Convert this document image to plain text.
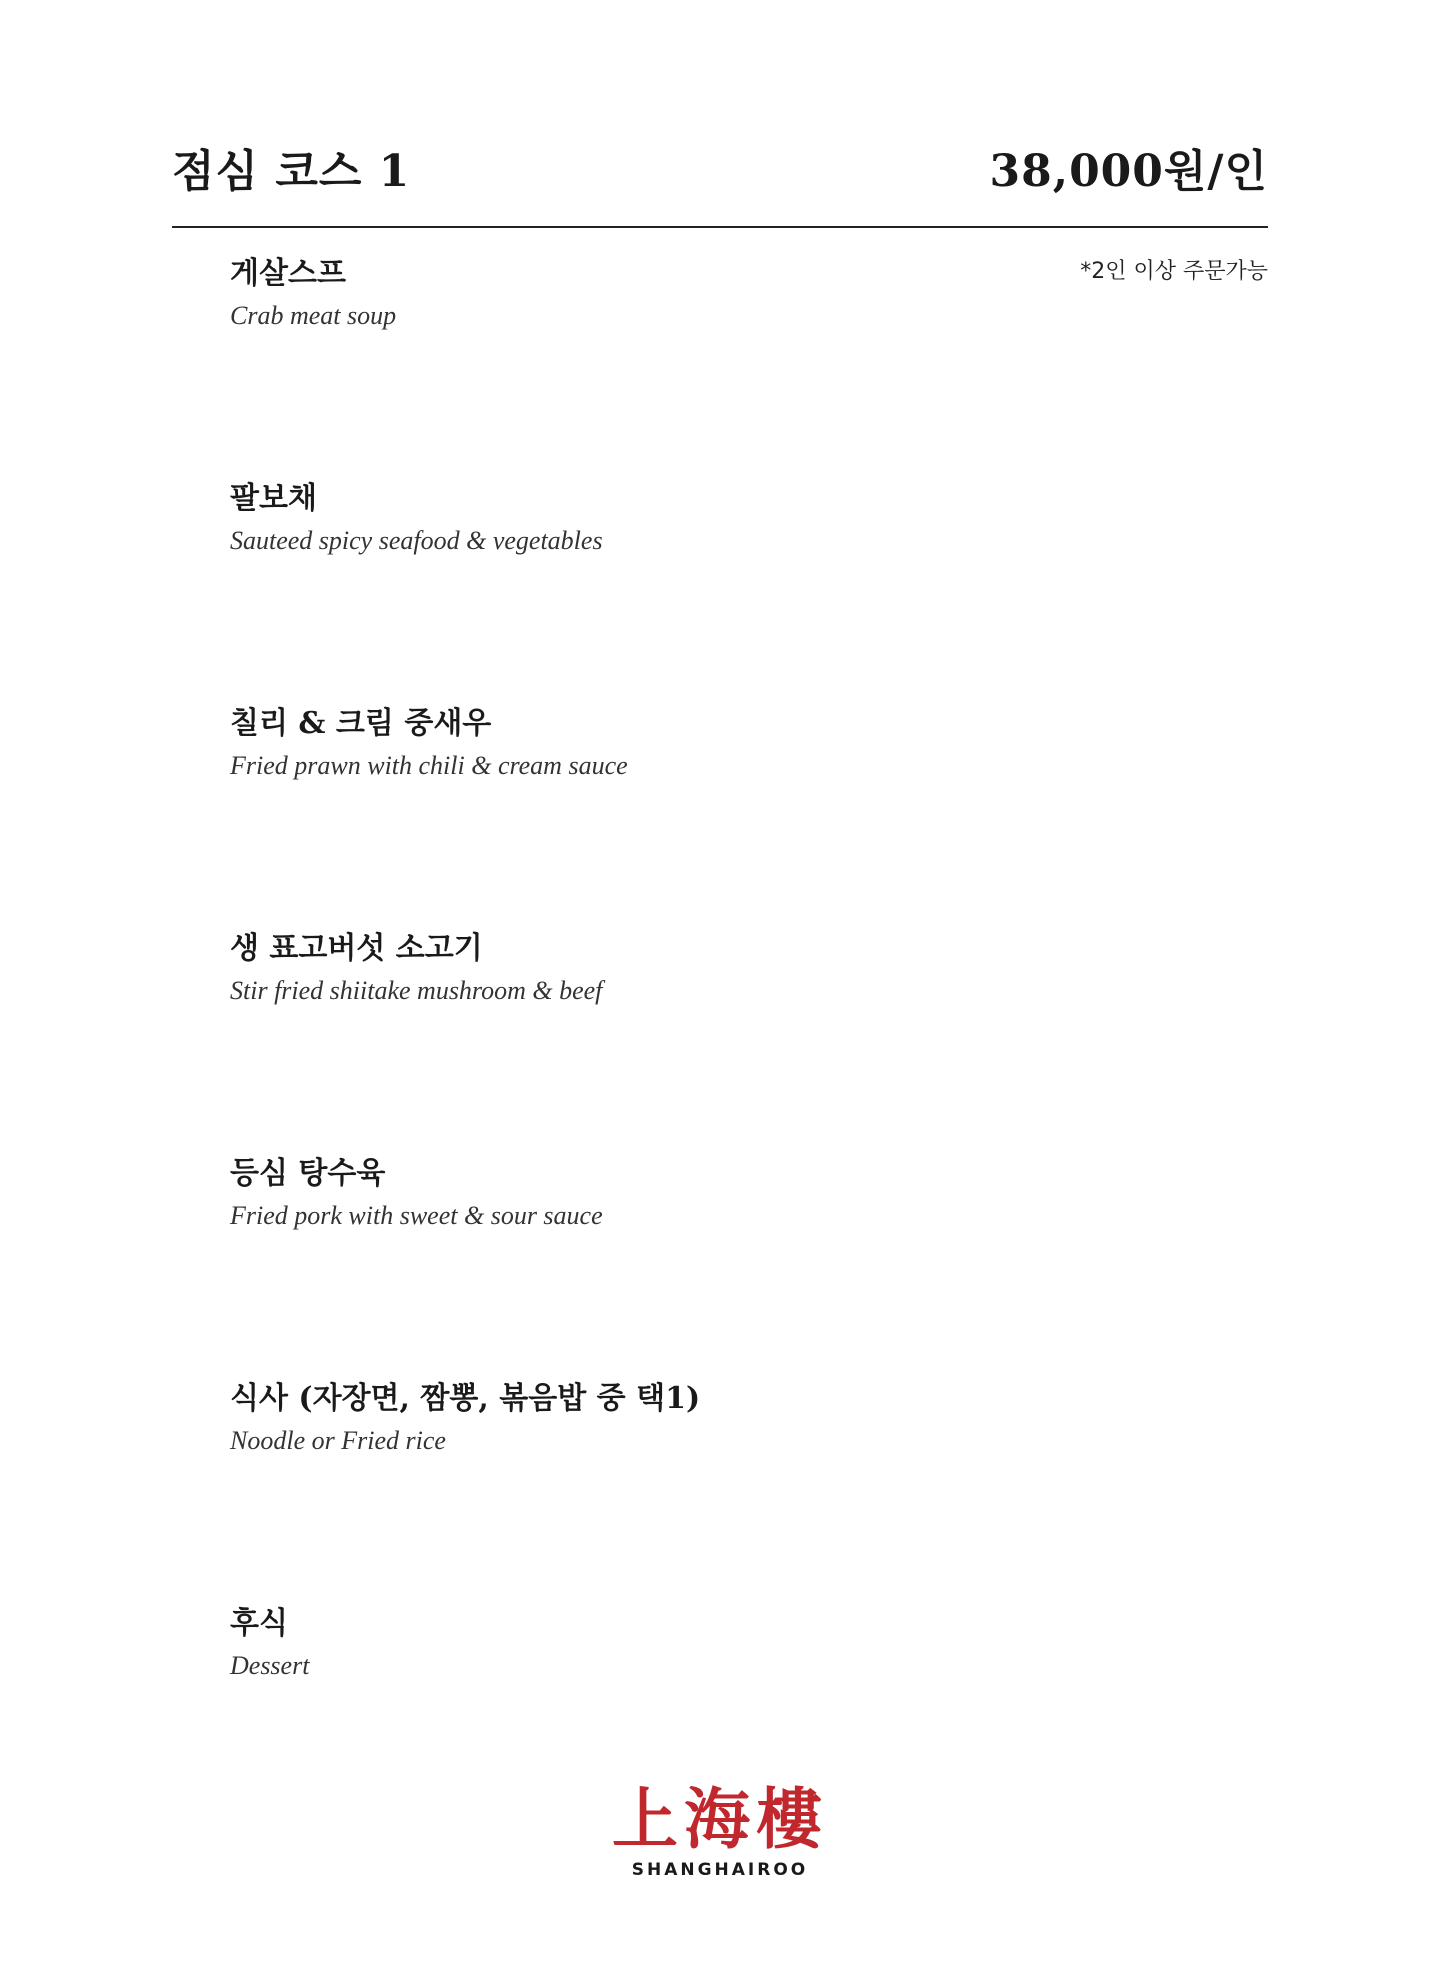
점심 코스 1	38,000원/인
*2인 이상 주문가능
게살스프
Crab meat soup
팔보채
Sauteed spicy seafood & vegetables
칠리 & 크림 중새우
Fried prawn with chili & cream sauce
생 표고버섯 소고기
Stir fried shiitake mushroom & beef
등심 탕수육
Fried pork with sweet & sour sauce
식사 (자장면, 짬뽕, 볶음밥 중 택1)
Noodle or Fried rice
후식
Dessert
上海樓
SHANGHAIROO
